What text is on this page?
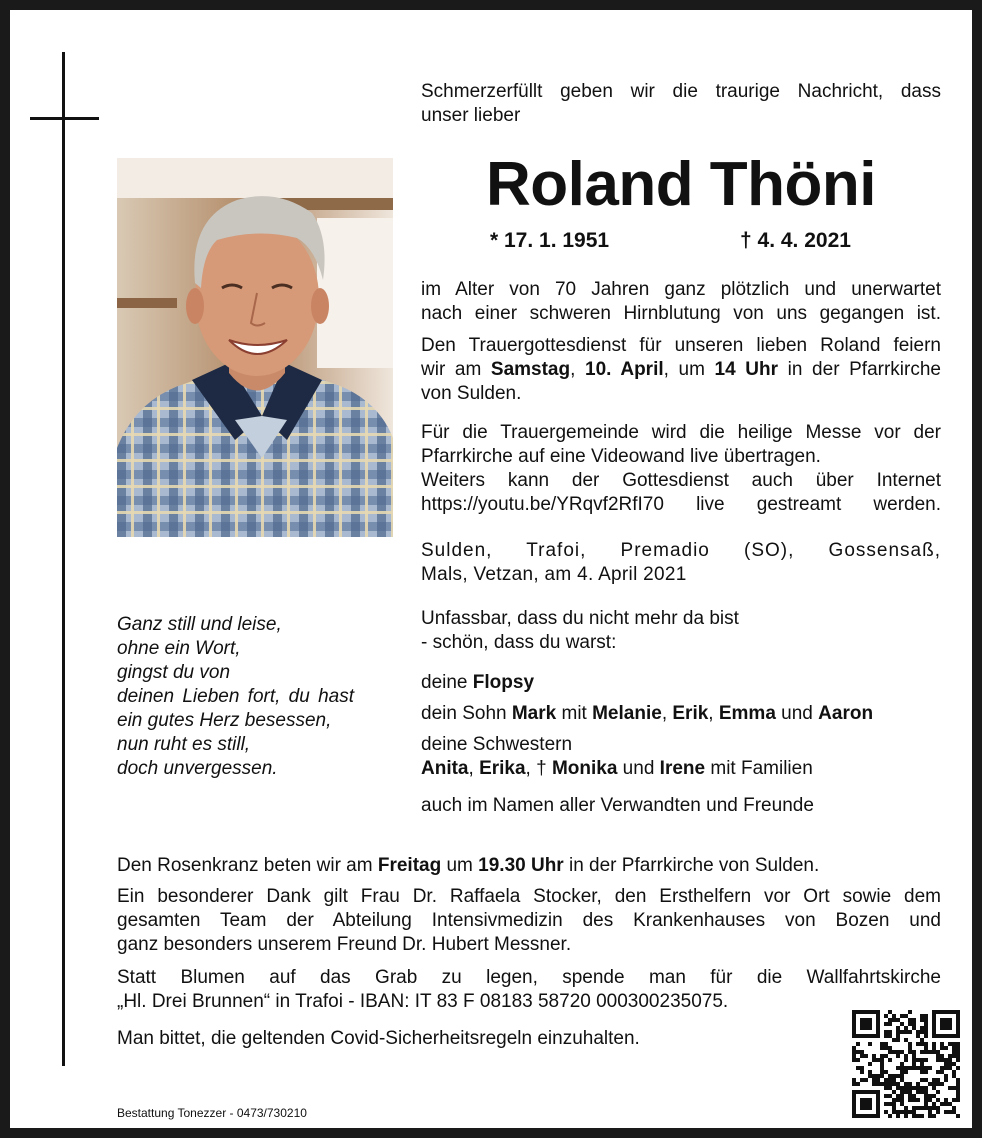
Schmerzerfüllt geben wir die traurige Nachricht, dass

unser lieber

Roland Thöni
* 17. 1. 1951	† 4. 4. 2021

im Alter von 70 Jahren ganz plötzlich und unerwartet

nach einer schweren Hirnblutung von uns gegangen ist.

Den Trauergottesdienst für unseren lieben Roland feiern

wir am Samstag, 10. April, um 14 Uhr in der Pfarrkirche

von Sulden.

Für die Trauergemeinde wird die heilige Messe vor der

Pfarrkirche auf eine Videowand live übertragen.

Weiters kann der Gottesdienst auch über Internet

https://youtu.be/YRqvf2RfI70 live gestreamt werden.

Sulden, Trafoi, Premadio (SO), Gossensaß,

Mals, Vetzan, am 4. April 2021

Unfassbar, dass du nicht mehr da bist

- schön, dass du warst:

deine Flopsy

dein Sohn Mark mit Melanie, Erik, Emma und Aaron

deine Schwestern

Anita, Erika, † Monika und Irene mit Familien

auch im Namen aller Verwandten und Freunde

Ganz still und leise,
ohne ein Wort,
gingst du von
deinen Lieben fort, du hast
ein gutes Herz besessen,
nun ruht es still,
doch unvergessen.

Den Rosenkranz beten wir am Freitag um 19.30 Uhr in der Pfarrkirche von Sulden.

Ein besonderer Dank gilt Frau Dr. Raffaela Stocker, den Ersthelfern vor Ort sowie dem

gesamten Team der Abteilung Intensivmedizin des Krankenhauses von Bozen und

ganz besonders unserem Freund Dr. Hubert Messner.

Statt Blumen auf das Grab zu legen, spende man für die Wallfahrtskirche

„Hl. Drei Brunnen“ in Trafoi - IBAN: IT 83 F 08183 58720 000300235075.

Man bittet, die geltenden Covid-Sicherheitsregeln einzuhalten.

Bestattung Tonezzer - 0473/730210
